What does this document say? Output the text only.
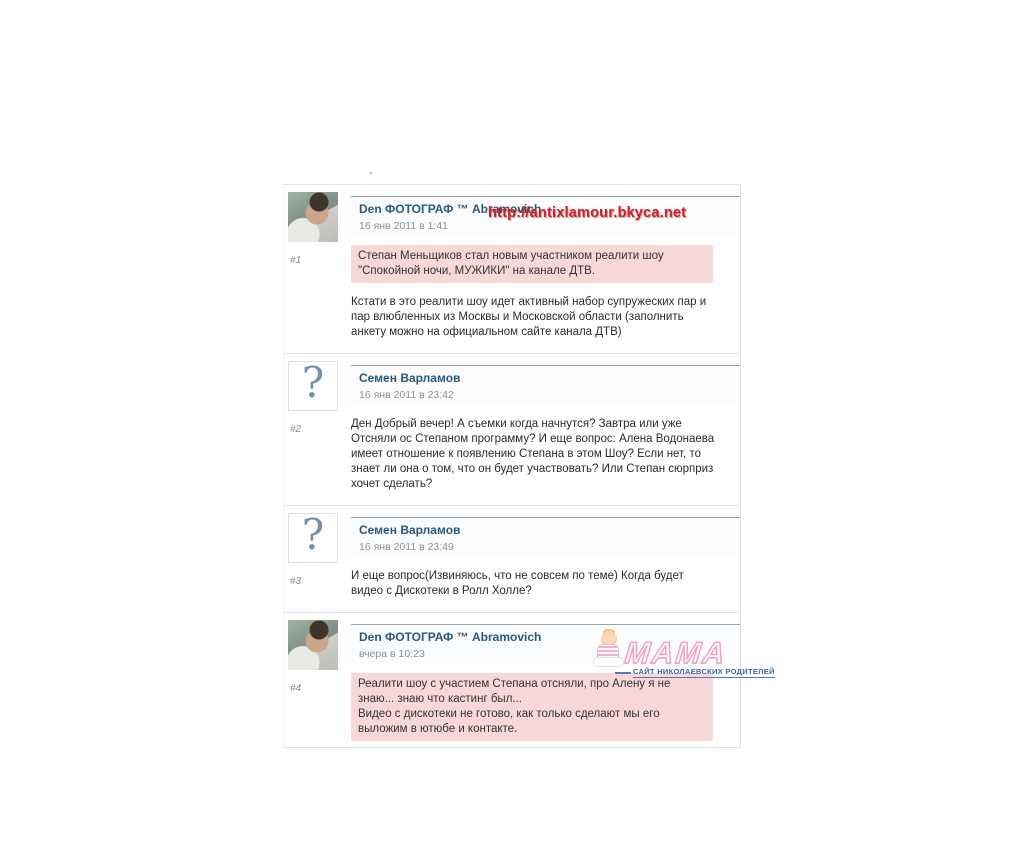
-
#1
Den ФОТОГРАФ ™ Abramovich
16 янв 2011 в 1:41
Степан Меньщиков стал новым участником реалити шоу "Спокойной ночи, МУЖИКИ" на канале ДТВ.
Кстати в это реалити шоу идет активный набор супружеских пар и пар влюбленных из Москвы и Московской области (заполнить анкету можно на официальном сайте канала ДТВ)
?
#2
Семен Варламов
16 янв 2011 в 23:42
Ден Добрый вечер! А съемки когда начнутся? Завтра или уже Отсняли ос Степаном программу? И еще вопрос: Алена Водонаева имеет отношение к появлению Степана в этом Шоу? Если нет, то знает ли она о том, что он будет участвовать? Или Степан сюрприз хочет сделать?
?
#3
Семен Варламов
16 янв 2011 в 23:49
И еще вопрос(Извиняюсь, что не совсем по теме) Когда будет видео с Дискотеки в Ролл Холле?
#4
Den ФОТОГРАФ ™ Abramovich
вчера в 10:23
Реалити шоу с участием Степана отсняли, про Алену я не знаю... знаю что кастинг был...
Видео с дискотеки не готово, как только сделают мы его выложим в ютюбе и контакте.
http://antixlamour.bkyca.net
МАМА
САЙТ НИКОЛАЕВСКИХ РОДИТЕЛЕЙ
